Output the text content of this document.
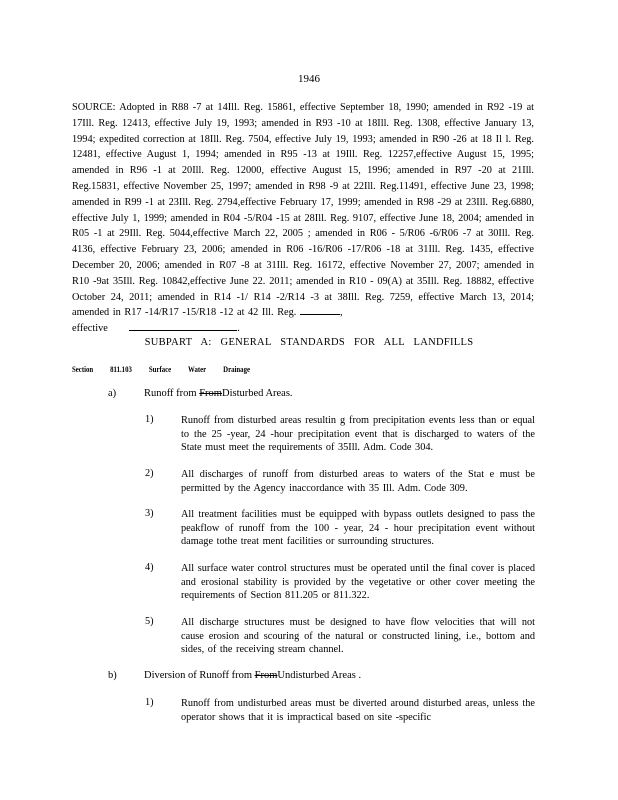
1946

SOURCE: Adopted in R88 -7 at 14Ill. Reg. 15861, effective September 18, 1990; amended in R92 -19 at 17Ill. Reg. 12413, effective July 19, 1993; amended in R93 -10 at 18Ill. Reg. 1308, effective January 13, 1994; expedited correction at 18Ill. Reg. 7504, effective July 19, 1993; amended in R90 -26 at 18 Il l. Reg. 12481, effective August 1, 1994; amended in R95 -13 at 19Ill. Reg. 12257,effective August 15, 1995; amended in R96 -1 at 20Ill. Reg. 12000, effective August 15, 1996; amended in R97 -20 at 21Ill. Reg.15831, effective November 25, 1997; amended in R98 -9 at 22Ill. Reg.11491, effective June 23, 1998; amended in R99 -1 at 23Ill. Reg. 2794,effective February 17, 1999; amended in R98 -29 at 23Ill. Reg.6880, effective July 1, 1999; amended in R04 -5/R04 -15 at 28Ill. Reg. 9107, effective June 18, 2004; amended in R05 -1 at 29Ill. Reg. 5044,effective March 22, 2005 ; amended in R06 - 5/R06 -6/R06 -7 at 30Ill. Reg. 4136, effective February 23, 2006; amended in R06 -16/R06 -17/R06 -18 at 31Ill. Reg. 1435, effective December 20, 2006; amended in R07 -8 at 31Ill. Reg. 16172, effective November 27, 2007; amended in R10 -9at 35Ill. Reg. 10842,effective June 22. 2011; amended in R10 - 09(A) at 35Ill. Reg. 18882, effective October 24, 2011; amended in R14 -1/ R14 -2/R14 -3 at 38Ill. Reg. 7259, effective March 13, 2014; amended in R17 -14/R17 -15/R18 -12 at 42 Ill. Reg.	,
effective	.

SUBPART A: GENERAL STANDARDS FOR ALL LANDFILLS

Section 811.103 Surface Water Drainage
a)	Runoff from FromDisturbed Areas.
1)	Runoff from disturbed areas resultin g from precipitation events less than or equal to the 25 -year, 24 -hour precipitation event that is discharged to waters of the State must meet the requirements of 35Ill. Adm. Code 304.

2)	All discharges of runoff from disturbed areas to waters of the Stat e must be permitted by the Agency inaccordance with 35 Ill. Adm. Code 309.

3)	All treatment facilities must be equipped with bypass outlets designed to pass the peakflow of runoff from the 100 - year, 24 - hour precipitation event without damage tothe treat ment facilities or surrounding structures.

4)	All surface water control structures must be operated until the final cover is placed and erosional stability is provided by the vegetative or other cover meeting the requirements of Section 811.205 or 811.322.

5)	All discharge structures must be designed to have flow velocities that will not cause erosion and scouring of the natural or constructed lining, i.e., bottom and sides, of the receiving stream channel.

b)	Diversion of Runoff from FromUndisturbed Areas .
1)	Runoff from undisturbed areas must be diverted around disturbed areas, unless the operator shows that it is impractical based on site -specific
